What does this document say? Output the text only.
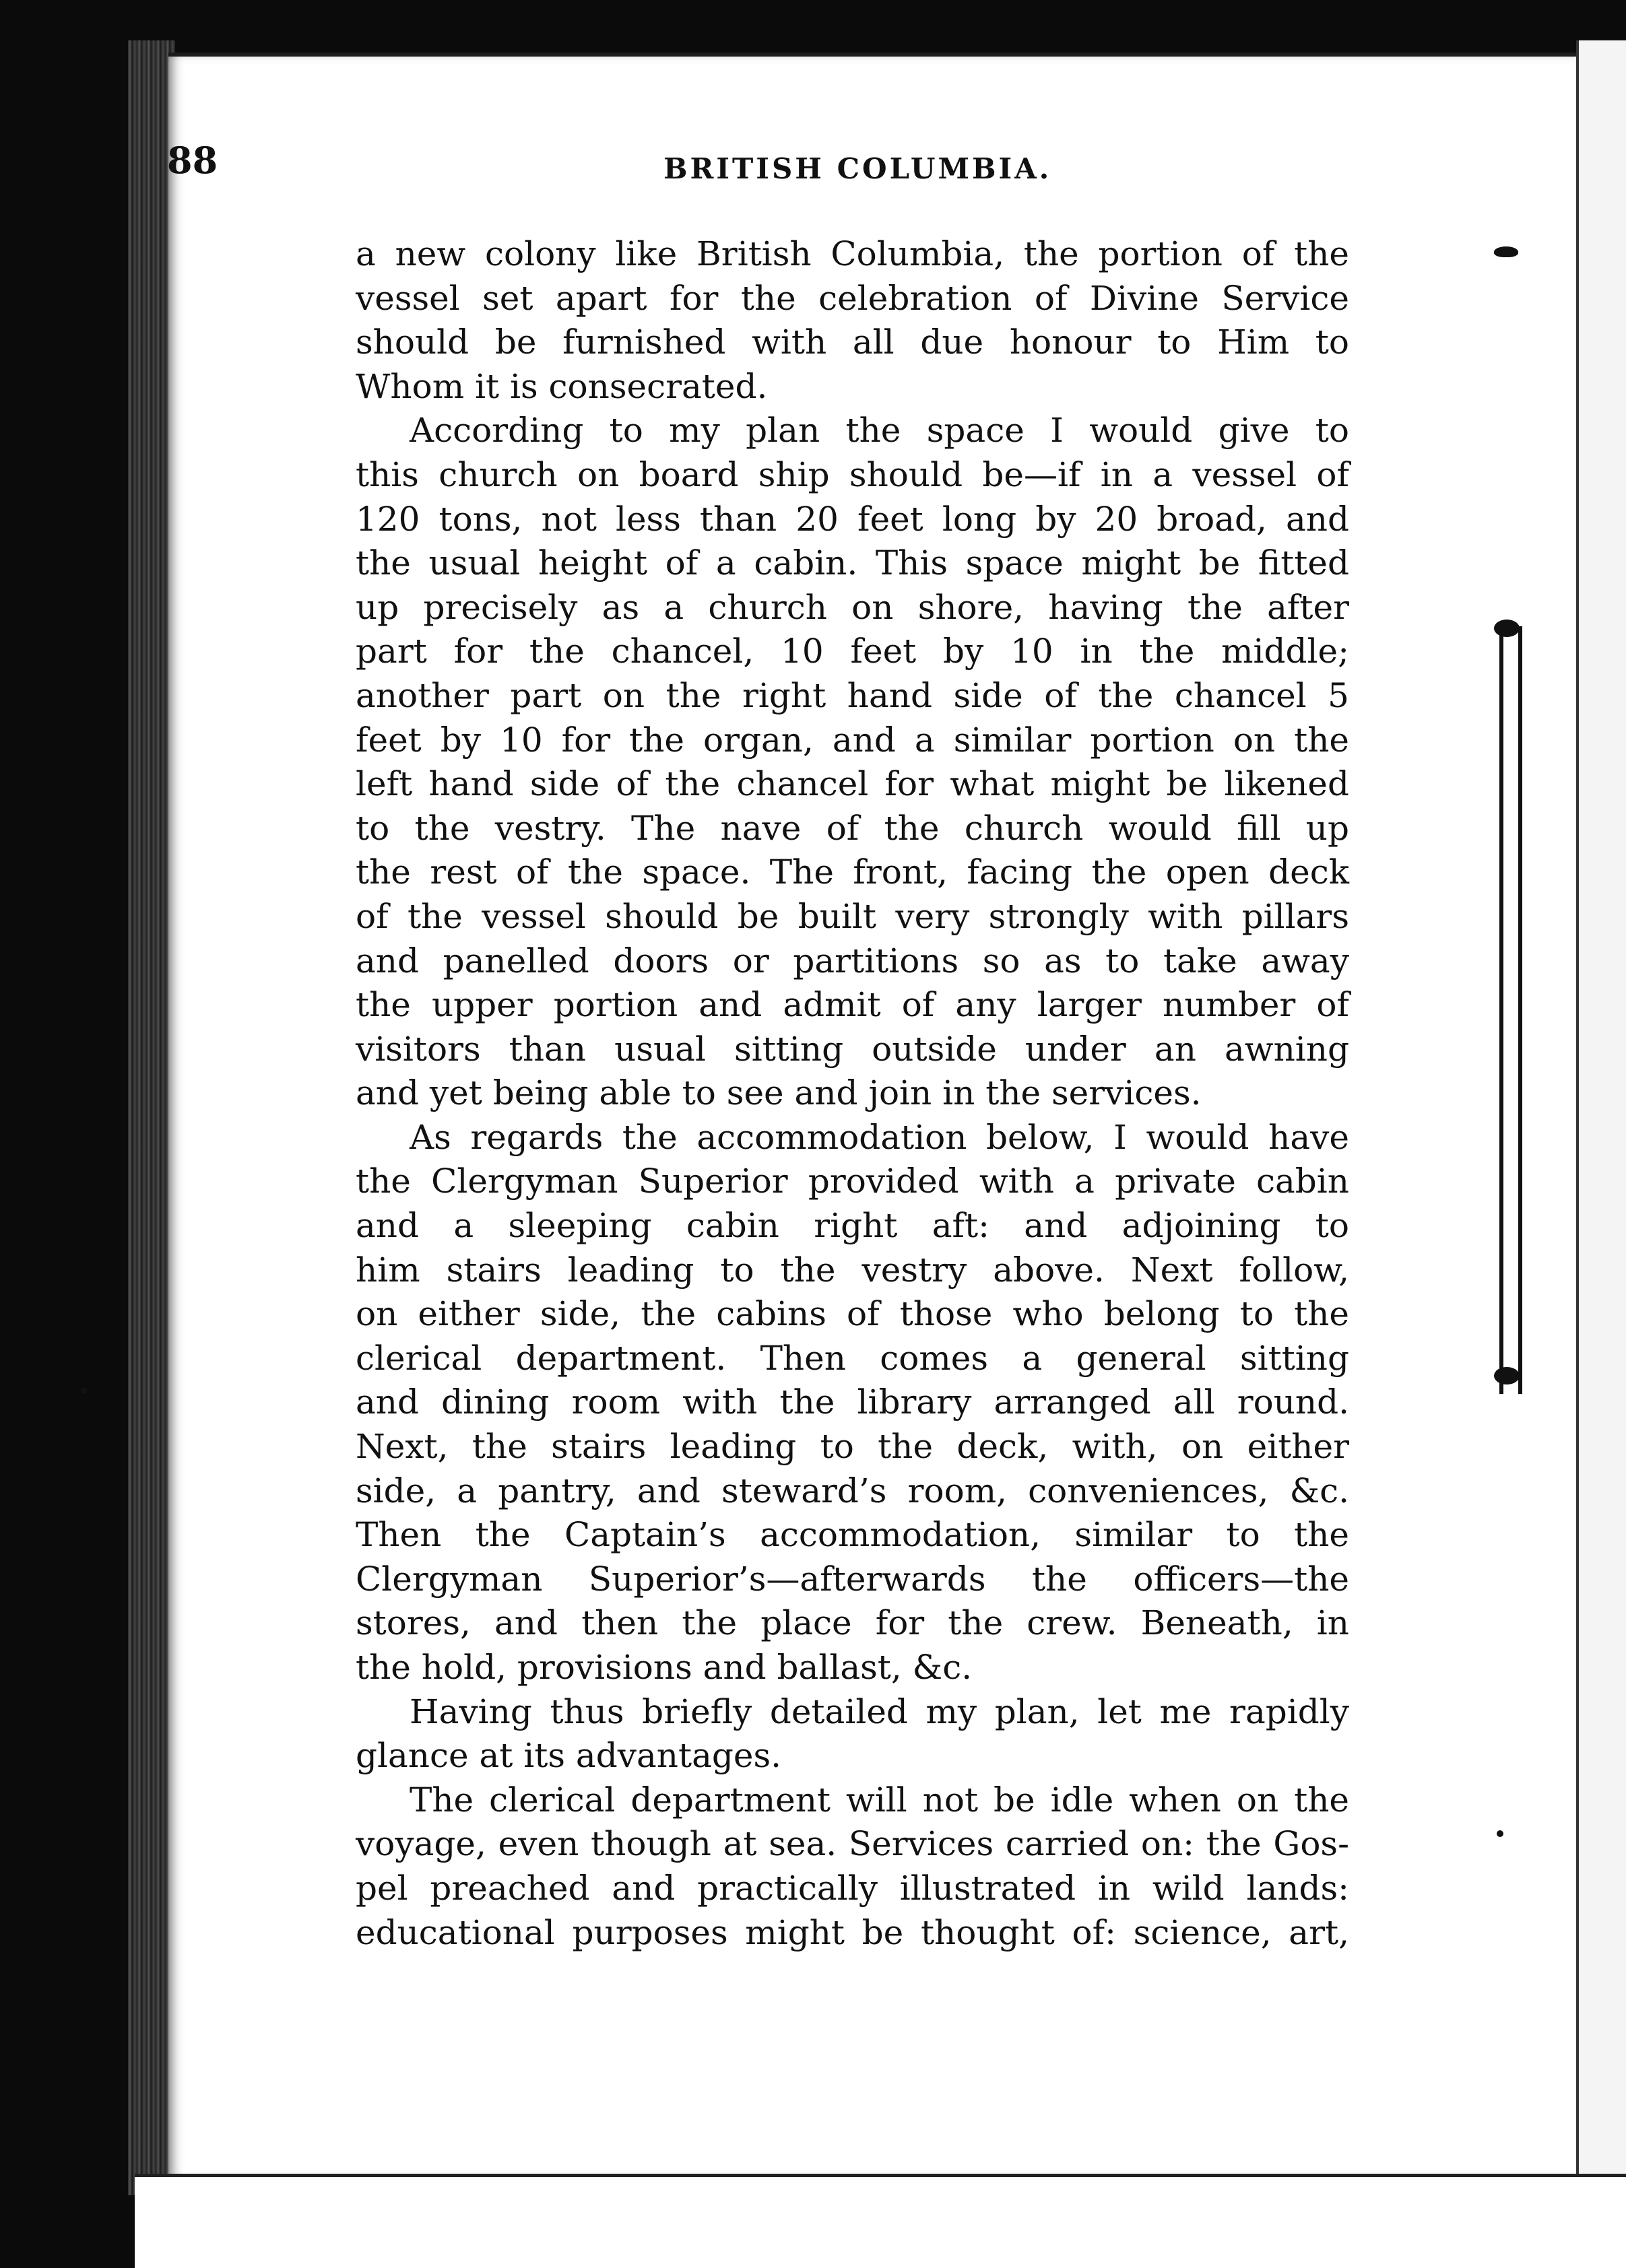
88	BRITISH COLUMBIA.
a new colony like British Columbia, the portion of the
vessel set apart for the celebration of Divine Service
should be furnished with all due honour to Him to
Whom it is consecrated.
According to my plan the space I would give to
this church on board ship should be—if in a vessel of
120 tons, not less than 20 feet long by 20 broad, and
the usual height of a cabin. This space might be fitted
up precisely as a church on shore, having the after
part for the chancel, 10 feet by 10 in the middle;
another part on the right hand side of the chancel 5
feet by 10 for the organ, and a similar portion on the
left hand side of the chancel for what might be likened
to the vestry. The nave of the church would fill up
the rest of the space. The front, facing the open deck
of the vessel should be built very strongly with pillars
and panelled doors or partitions so as to take away
the upper portion and admit of any larger number of
visitors than usual sitting outside under an awning
and yet being able to see and join in the services.
As regards the accommodation below, I would have
the Clergyman Superior provided with a private cabin
and a sleeping cabin right aft: and adjoining to
him stairs leading to the vestry above. Next follow,
on either side, the cabins of those who belong to the
clerical department. Then comes a general sitting
and dining room with the library arranged all round.
Next, the stairs leading to the deck, with, on either
side, a pantry, and steward’s room, conveniences, &c.
Then the Captain’s accommodation, similar to the
Clergyman Superior’s—afterwards the officers—the
stores, and then the place for the crew. Beneath, in
the hold, provisions and ballast, &c.
Having thus briefly detailed my plan, let me rapidly
glance at its advantages.
The clerical department will not be idle when on the
voyage, even though at sea. Services carried on: the Gos-
pel preached and practically illustrated in wild lands:
educational purposes might be thought of: science, art,
